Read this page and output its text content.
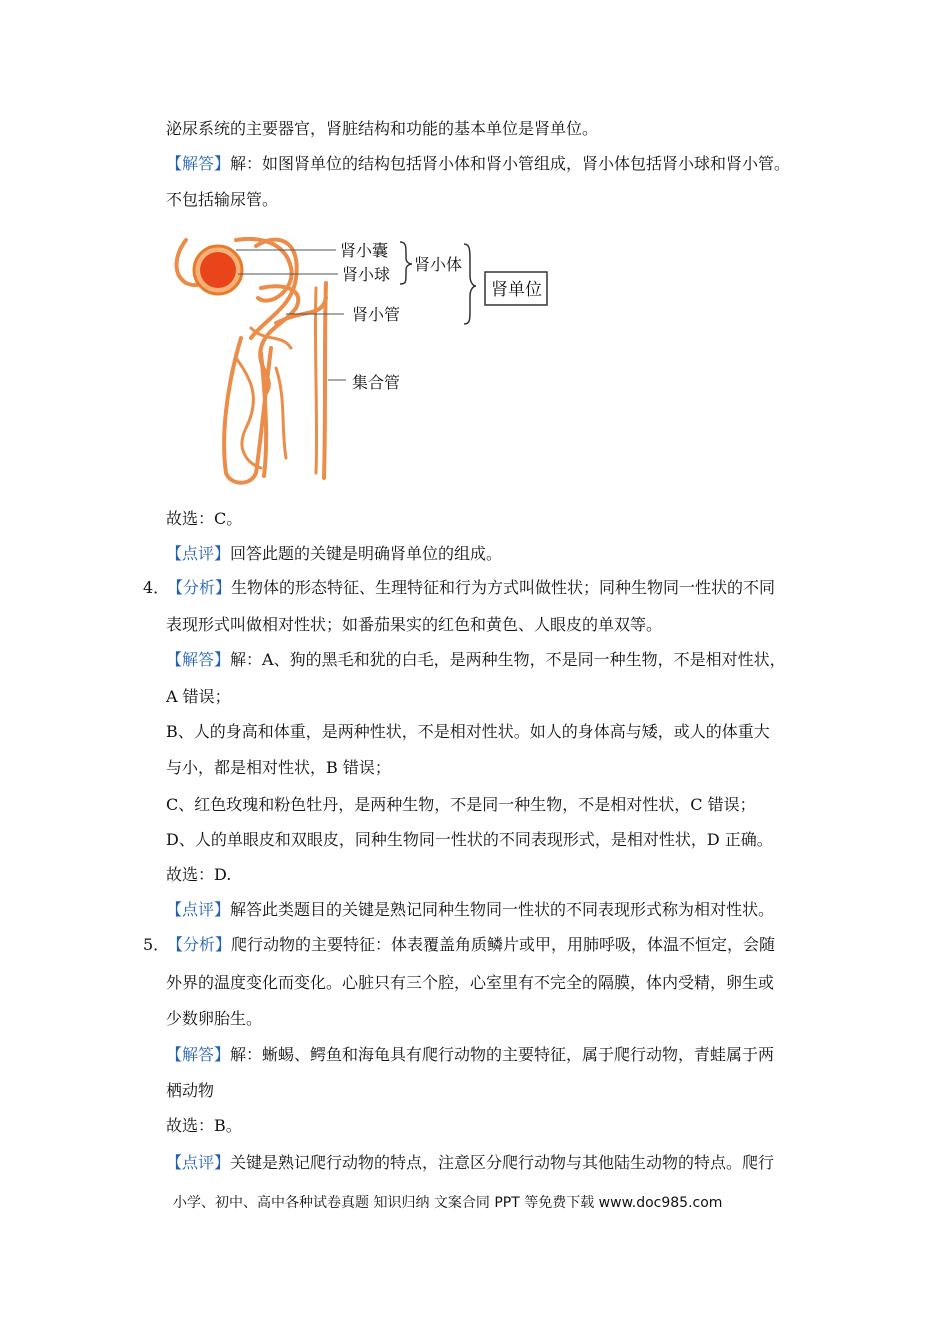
泌尿系统的主要器官，肾脏结构和功能的基本单位是肾单位。
【解答】解：如图肾单位的结构包括肾小体和肾小管组成，肾小体包括肾小球和肾小管。
不包括输尿管。
肾小囊
肾小球
肾小管
肾小体
肾单位
集合管
故选：C。
【点评】回答此题的关键是明确肾单位的组成。
4．【分析】生物体的形态特征、生理特征和行为方式叫做性状；同种生物同一性状的不同
表现形式叫做相对性状；如番茄果实的红色和黄色、人眼皮的单双等。
【解答】解：A、狗的黑毛和犹的白毛，是两种生物，不是同一种生物，不是相对性状，
A 错误；
B、人的身高和体重，是两种性状，不是相对性状。如人的身体高与矮，或人的体重大
与小，都是相对性状，B 错误；
C、红色玫瑰和粉色牡丹，是两种生物，不是同一种生物，不是相对性状，C 错误；
D、人的单眼皮和双眼皮，同种生物同一性状的不同表现形式，是相对性状，D 正确。
故选：D.
【点评】解答此类题目的关键是熟记同种生物同一性状的不同表现形式称为相对性状。
5．【分析】爬行动物的主要特征：体表覆盖角质鳞片或甲，用肺呼吸，体温不恒定，会随
外界的温度变化而变化。心脏只有三个腔，心室里有不完全的隔膜，体内受精，卵生或
少数卵胎生。
【解答】解：蜥蜴、鳄鱼和海龟具有爬行动物的主要特征，属于爬行动物，青蛙属于两
栖动物
故选：B。
【点评】关键是熟记爬行动物的特点，注意区分爬行动物与其他陆生动物的特点。爬行
小学、初中、高中各种试卷真题 知识归纳 文案合同 PPT 等免费下载 www.doc985.com
